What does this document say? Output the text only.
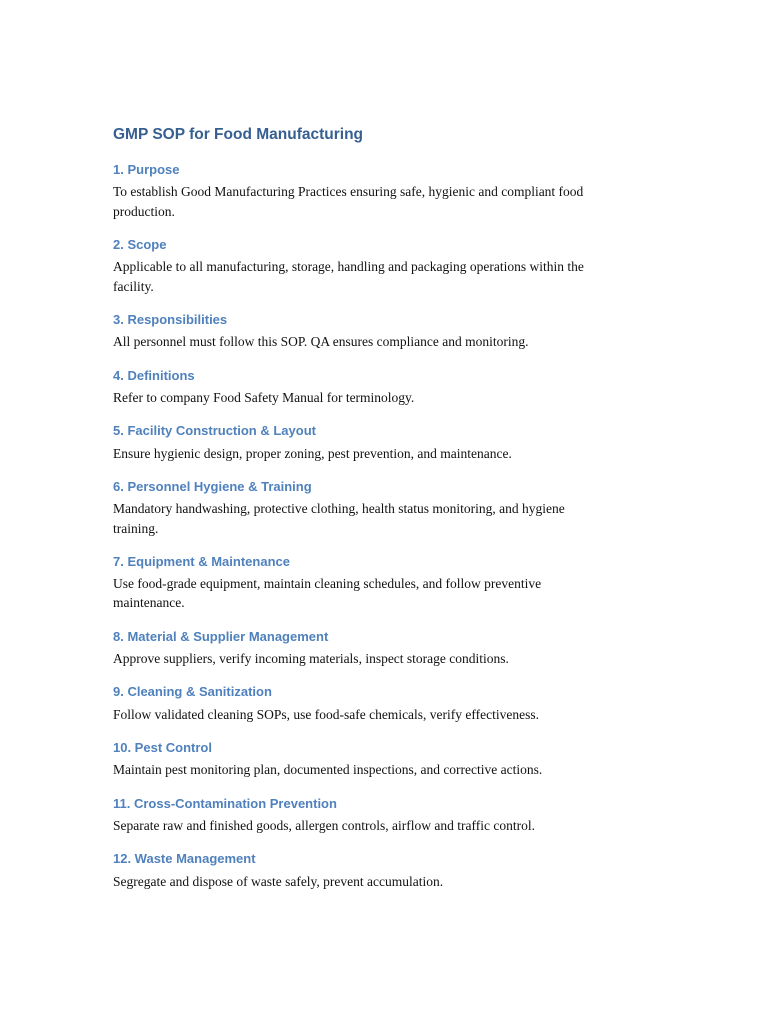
GMP SOP for Food Manufacturing
1. Purpose

To establish Good Manufacturing Practices ensuring safe, hygienic and compliant food
production.

2. Scope

Applicable to all manufacturing, storage, handling and packaging operations within the
facility.

3. Responsibilities

All personnel must follow this SOP. QA ensures compliance and monitoring.

4. Definitions

Refer to company Food Safety Manual for terminology.

5. Facility Construction & Layout

Ensure hygienic design, proper zoning, pest prevention, and maintenance.

6. Personnel Hygiene & Training

Mandatory handwashing, protective clothing, health status monitoring, and hygiene
training.

7. Equipment & Maintenance

Use food-grade equipment, maintain cleaning schedules, and follow preventive
maintenance.

8. Material & Supplier Management

Approve suppliers, verify incoming materials, inspect storage conditions.

9. Cleaning & Sanitization

Follow validated cleaning SOPs, use food-safe chemicals, verify effectiveness.

10. Pest Control

Maintain pest monitoring plan, documented inspections, and corrective actions.

11. Cross-Contamination Prevention

Separate raw and finished goods, allergen controls, airflow and traffic control.

12. Waste Management

Segregate and dispose of waste safely, prevent accumulation.
